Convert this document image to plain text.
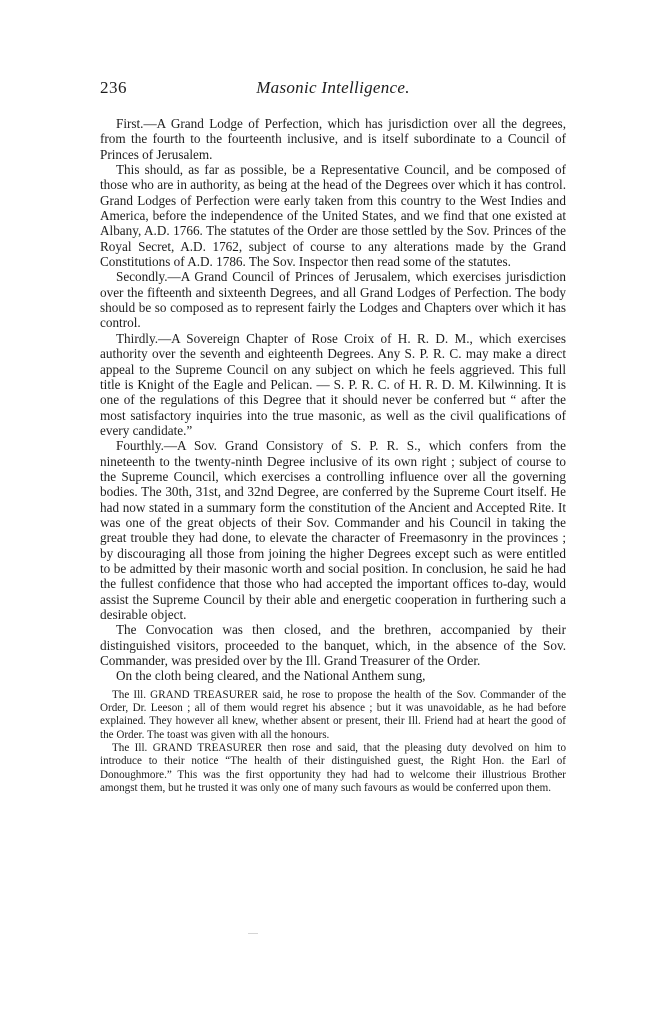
236	Masonic Intelligence.

First.—A Grand Lodge of Perfection, which has jurisdiction over all the degrees, from the fourth to the fourteenth inclusive, and is itself subordinate to a Council of Princes of Jerusalem.

This should, as far as possible, be a Representative Council, and be composed of those who are in authority, as being at the head of the Degrees over which it has control. Grand Lodges of Perfection were early taken from this country to the West Indies and America, before the independence of the United States, and we find that one existed at Albany, A.D. 1766. The statutes of the Order are those settled by the Sov. Princes of the Royal Secret, A.D. 1762, subject of course to any alterations made by the Grand Constitutions of A.D. 1786. The Sov. Inspector then read some of the statutes.

Secondly.—A Grand Council of Princes of Jerusalem, which exercises jurisdiction over the fifteenth and sixteenth Degrees, and all Grand Lodges of Perfection. The body should be so composed as to represent fairly the Lodges and Chapters over which it has control.

Thirdly.—A Sovereign Chapter of Rose Croix of H. R. D. M., which exercises authority over the seventh and eighteenth Degrees. Any S. P. R. C. may make a direct appeal to the Supreme Council on any subject on which he feels aggrieved. This full title is Knight of the Eagle and Pelican. — S. P. R. C. of H. R. D. M. Kilwinning. It is one of the regulations of this Degree that it should never be conferred but “ after the most satisfactory inquiries into the true masonic, as well as the civil qualifications of every candidate.”

Fourthly.—A Sov. Grand Consistory of S. P. R. S., which confers from the nineteenth to the twenty-ninth Degree inclusive of its own right ; subject of course to the Supreme Council, which exercises a controlling influence over all the governing bodies. The 30th, 31st, and 32nd Degree, are conferred by the Supreme Court itself. He had now stated in a summary form the constitution of the Ancient and Accepted Rite. It was one of the great objects of their Sov. Commander and his Council in taking the great trouble they had done, to elevate the character of Freemasonry in the provinces ; by discouraging all those from joining the higher Degrees except such as were entitled to be admitted by their masonic worth and social position. In conclusion, he said he had the fullest confidence that those who had accepted the important offices to-day, would assist the Supreme Council by their able and energetic cooperation in furthering such a desirable object.

The Convocation was then closed, and the brethren, accompanied by their distinguished visitors, proceeded to the banquet, which, in the absence of the Sov. Commander, was presided over by the Ill. Grand Treasurer of the Order.

On the cloth being cleared, and the National Anthem sung,

The Ill. GRAND TREASURER said, he rose to propose the health of the Sov. Commander of the Order, Dr. Leeson ; all of them would regret his absence ; but it was unavoidable, as he had before explained. They however all knew, whether absent or present, their Ill. Friend had at heart the good of the Order. The toast was given with all the honours.

The Ill. GRAND TREASURER then rose and said, that the pleasing duty devolved on him to introduce to their notice “The health of their distinguished guest, the Right Hon. the Earl of Donoughmore.” This was the first opportunity they had had to welcome their illustrious Brother amongst them, but he trusted it was only one of many such favours as would be conferred upon them.
